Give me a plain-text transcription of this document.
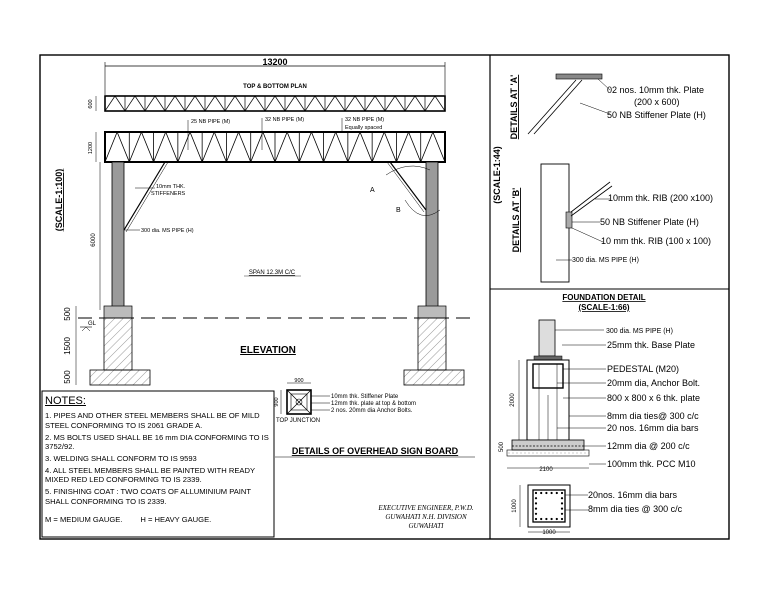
13200
TOP & BOTTOM PLAN
600
1200
25 NB PIPE (M)	32 NB PIPE (M)	32 NB PIPE (M)
Equally spaced
A
B
10mm THK.
STIFFENERS
6000
300 dia. MS PIPE (H)
SPAN 12.3M C/C
GL
500
1500
500
(SCALE-1:100)
ELEVATION
900
900
10mm thk. Stiffener Plate
12mm thk. plate at top & bottom
2 nos. 20mm dia Anchor Bolts.
TOP JUNCTION
DETAILS OF OVERHEAD SIGN BOARD
EXECUTIVE ENGINEER, P.W.D.
GUWAHATI N.H. DIVISION
GUWAHATI
DETAILS AT 'A'	02 nos. 10mm thk. Plate
(200 x 600)
50 NB Stiffener Plate (H)
(SCALE-1:44)
DETAILS AT 'B'	10mm thk. RIB (200 x100)
50 NB Stiffener Plate (H)
10 mm thk. RIB (100 x 100)
300 dia. MS PIPE (H)
FOUNDATION DETAIL
(SCALE-1:66)
2000
500
2100
300 dia. MS PIPE (H)
25mm thk. Base Plate
PEDESTAL (M20)
20mm dia, Anchor Bolt.
800 x 800 x 6 thk. plate
8mm dia ties@ 300 c/c
20 nos. 16mm dia bars
12mm dia @ 200 c/c
100mm thk. PCC M10
1000
1000
20nos. 16mm dia bars
8mm dia ties @ 300 c/c
NOTES:
1. PIPES AND OTHER STEEL MEMBERS SHALL BE OF MILD STEEL CONFORMING TO IS 2061 GRADE A.
2. MS BOLTS USED SHALL BE 16 mm DIA CONFORMING TO IS 3752/92.
3. WELDING SHALL CONFORM TO IS 9593
4. ALL STEEL MEMBERS SHALL BE PAINTED WITH READY MIXED RED LED CONFORMING TO IS 2339.
5. FINISHING COAT : TWO COATS OF ALLUMINIUM PAINT SHALL CONFORMING TO IS 2339.
M = MEDIUM GAUGE. H = HEAVY GAUGE.
